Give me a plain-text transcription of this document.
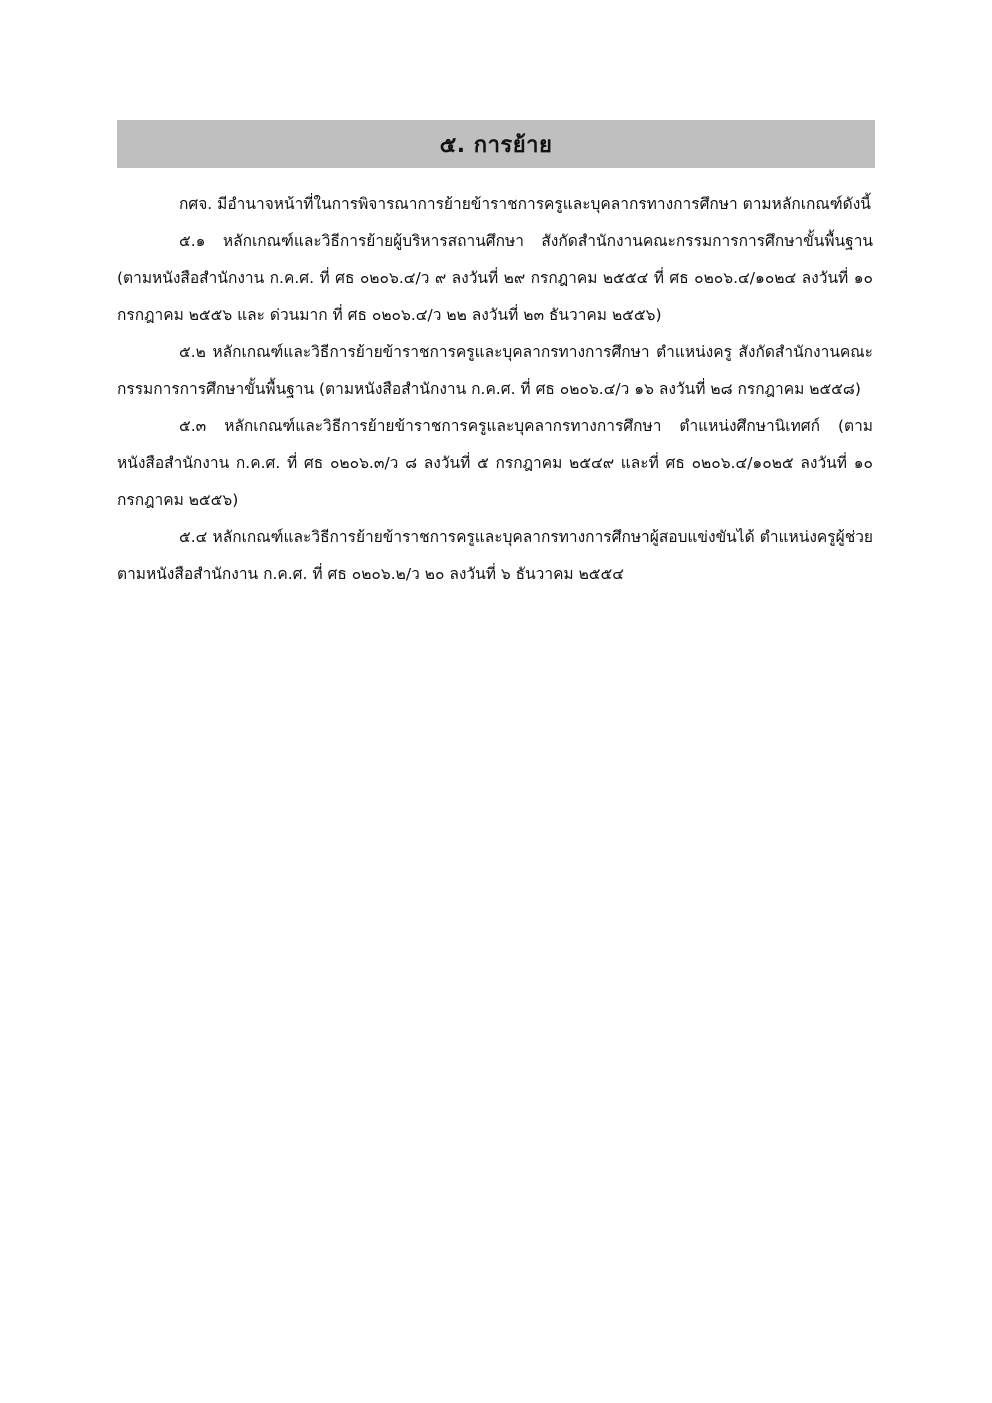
๕. การย้าย

กศจ. มีอำนาจหน้าที่ในการพิจารณาการย้ายข้าราชการครูและบุคลากรทางการศึกษา ตามหลักเกณฑ์ดังนี้

๕.๑ หลักเกณฑ์และวิธีการย้ายผู้บริหารสถานศึกษา สังกัดสำนักงานคณะกรรมการการศึกษาขั้นพื้นฐาน (ตามหนังสือสำนักงาน ก.ค.ศ. ที่ ศธ ๐๒๐๖.๔/ว ๙ ลงวันที่ ๒๙ กรกฎาคม ๒๕๕๔ ที่ ศธ ๐๒๐๖.๔/๑๐๒๔ ลงวันที่ ๑๐ กรกฎาคม ๒๕๕๖ และ ด่วนมาก ที่ ศธ ๐๒๐๖.๔/ว ๒๒ ลงวันที่ ๒๓ ธันวาคม ๒๕๕๖)

๕.๒ หลักเกณฑ์และวิธีการย้ายข้าราชการครูและบุคลากรทางการศึกษา ตำแหน่งครู สังกัดสำนักงานคณะกรรมการการศึกษาขั้นพื้นฐาน (ตามหนังสือสำนักงาน ก.ค.ศ. ที่ ศธ ๐๒๐๖.๔/ว ๑๖ ลงวันที่ ๒๘ กรกฎาคม ๒๕๕๘)

๕.๓ หลักเกณฑ์และวิธีการย้ายข้าราชการครูและบุคลากรทางการศึกษา ตำแหน่งศึกษานิเทศก์ (ตามหนังสือสำนักงาน ก.ค.ศ. ที่ ศธ ๐๒๐๖.๓/ว ๘ ลงวันที่ ๕ กรกฎาคม ๒๕๔๙ และที่ ศธ ๐๒๐๖.๔/๑๐๒๕ ลงวันที่ ๑๐ กรกฎาคม ๒๕๕๖)

๕.๔ หลักเกณฑ์และวิธีการย้ายข้าราชการครูและบุคลากรทางการศึกษาผู้สอบแข่งขันได้ ตำแหน่งครูผู้ช่วย ตามหนังสือสำนักงาน ก.ค.ศ. ที่ ศธ ๐๒๐๖.๒/ว ๒๐ ลงวันที่ ๖ ธันวาคม ๒๕๕๔
